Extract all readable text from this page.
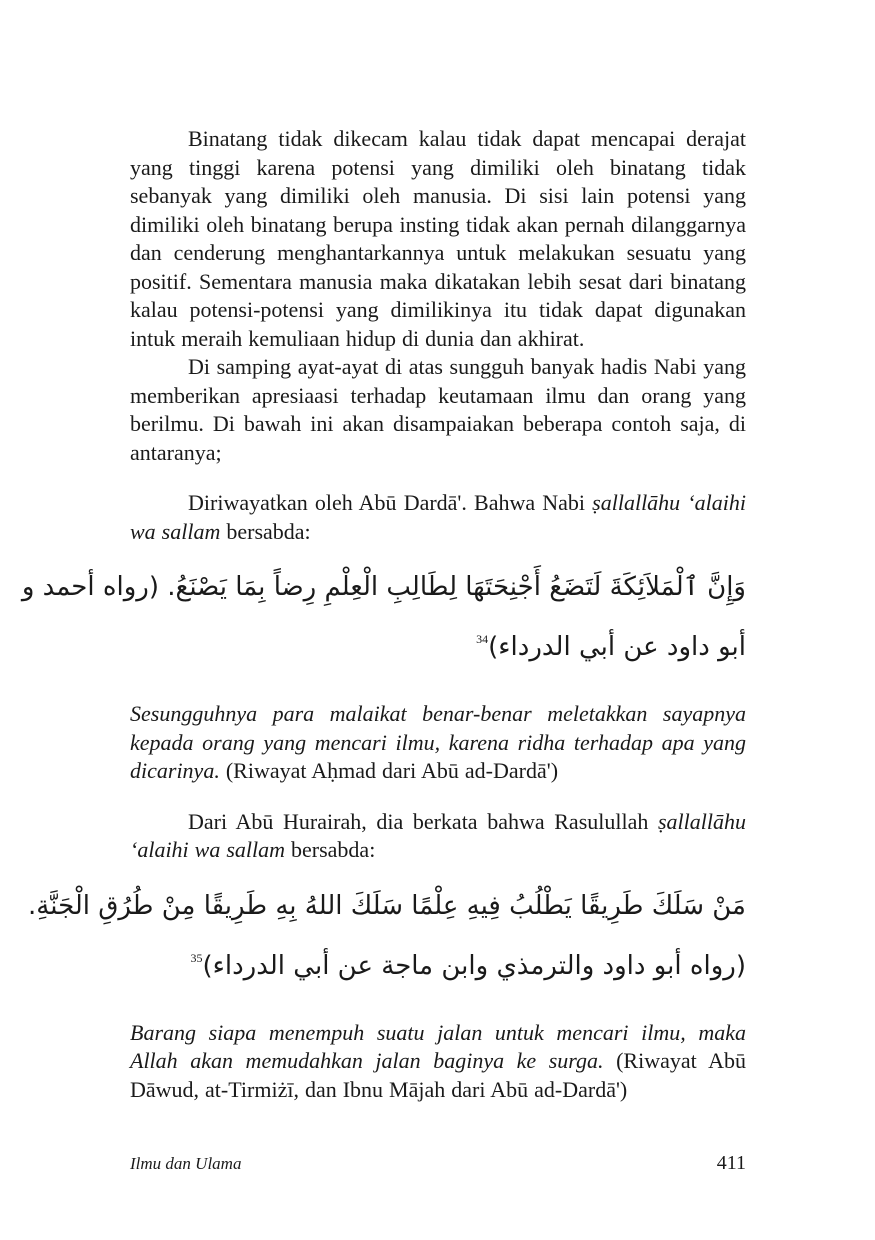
Binatang tidak dikecam kalau tidak dapat mencapai derajat yang tinggi karena potensi yang dimiliki oleh binatang tidak sebanyak yang dimiliki oleh manusia. Di sisi lain potensi yang dimiliki oleh binatang berupa insting tidak akan pernah dilanggarnya dan cenderung menghantarkannya untuk melakukan sesuatu yang positif. Sementara manusia maka dikatakan lebih sesat dari binatang kalau potensi-potensi yang dimilikinya itu tidak dapat digunakan intuk meraih kemuliaan hidup di dunia dan akhirat.

Di samping ayat-ayat di atas sungguh banyak hadis Nabi yang memberikan apresiaasi terhadap keutamaan ilmu dan orang yang berilmu. Di bawah ini akan disampaiakan beberapa contoh saja, di antaranya;

Diriwayatkan oleh Abū Dardā'. Bahwa Nabi ṣallallāhu ‘alaihi wa sallam bersabda:

وَإِنَّ ٱلْمَلاَئِكَةَ لَتَضَعُ أَجْنِحَتَهَا لِطَالِبِ الْعِلْمِ رِضاً بِمَا يَصْنَعُ. (رواه أحمد و

أبو داود عن أبي الدرداء)$^{34}$

Sesungguhnya para malaikat benar-benar meletakkan sayapnya kepada orang yang mencari ilmu, karena ridha terhadap apa yang dicarinya. (Riwayat Aḥmad dari Abū ad-Dardā')

Dari Abū Hurairah, dia berkata bahwa Rasulullah ṣallallāhu ‘alaihi wa sallam bersabda:

مَنْ سَلَكَ طَرِيقًا يَطْلُبُ فِيهِ عِلْمًا سَلَكَ اللهُ بِهِ طَرِيقًا مِنْ طُرُقِ الْجَنَّةِ.

(رواه أبو داود والترمذي وابن ماجة عن أبي الدرداء)$^{35}$

Barang siapa menempuh suatu jalan untuk mencari ilmu, maka Allah akan memudahkan jalan baginya ke surga. (Riwayat Abū Dāwud, at-Tirmiżī, dan Ibnu Mājah dari Abū ad-Dardā')

Ilmu dan Ulama	411
